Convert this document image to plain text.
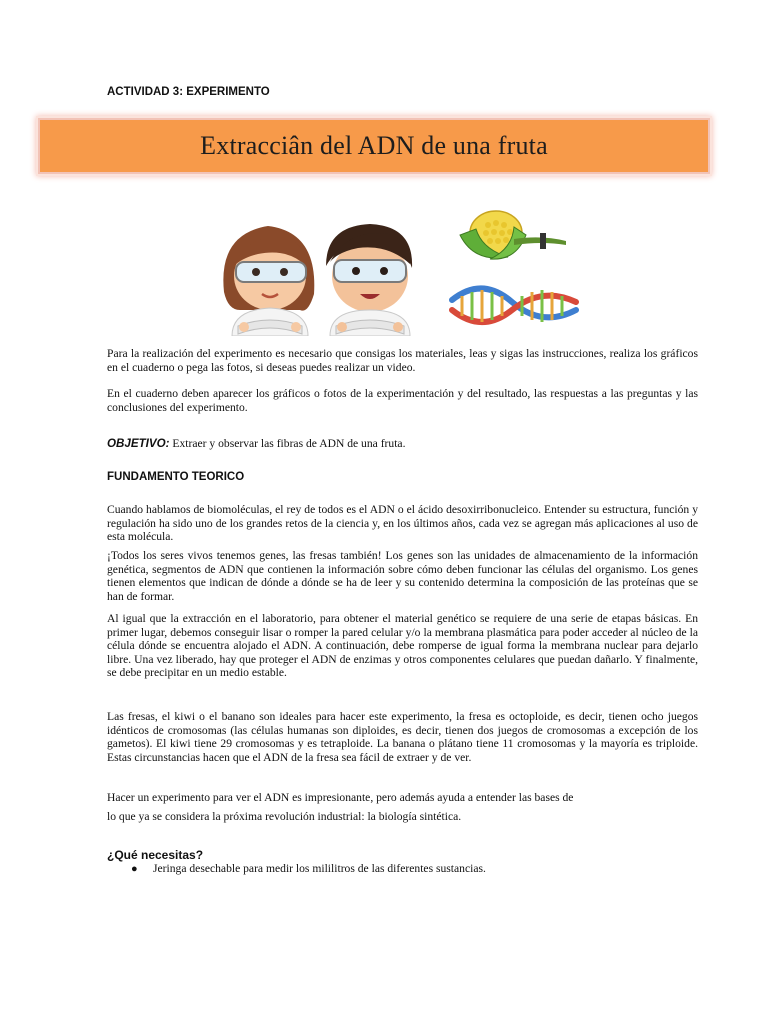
ACTIVIDAD 3: EXPERIMENTO

Extracciân del ADN de una fruta

Para la realización del experimento es necesario que consigas los materiales, leas y sigas las instrucciones, realiza los gráficos en el cuaderno o pega las fotos, si deseas puedes realizar un video.

En el cuaderno deben aparecer los gráficos o fotos de la experimentación y del resultado, las respuestas a las preguntas y las conclusiones del experimento.

OBJETIVO: Extraer y observar las fibras de ADN de una fruta.

FUNDAMENTO TEORICO

Cuando hablamos de biomoléculas, el rey de todos es el ADN o el ácido desoxirribonucleico. Entender su estructura, función y regulación ha sido uno de los grandes retos de la ciencia y, en los últimos años, cada vez se agregan más aplicaciones al uso de esta molécula.

¡Todos los seres vivos tenemos genes, las fresas también! Los genes son las unidades de almacenamiento de la información genética, segmentos de ADN que contienen la información sobre cómo deben funcionar las células del organismo. Los genes tienen elementos que indican de dónde a dónde se ha de leer y su contenido determina la composición de las proteínas que se han de formar.

Al igual que la extracción en el laboratorio, para obtener el material genético se requiere de una serie de etapas básicas. En primer lugar, debemos conseguir lisar o romper la pared celular y/o la membrana plasmática para poder acceder al núcleo de la célula dónde se encuentra alojado el ADN. A continuación, debe romperse de igual forma la membrana nuclear para dejarlo libre. Una vez liberado, hay que proteger el ADN de enzimas y otros componentes celulares que puedan dañarlo. Y finalmente, se debe precipitar en un medio estable.

Las fresas, el kiwi o el banano son ideales para hacer este experimento, la fresa es octoploide, es decir, tienen ocho juegos idénticos de cromosomas (las células humanas son diploides, es decir, tienen dos juegos de cromosomas a excepción de los gametos). El kiwi tiene 29 cromosomas y es tetraploide. La banana o plátano tiene 11 cromosomas y la mayoría es triploide. Estas circunstancias hacen que el ADN de la fresa sea fácil de extraer y de ver.

Hacer un experimento para ver el ADN es impresionante, pero además ayuda a entender las bases de

lo que ya se considera la próxima revolución industrial: la biología sintética.

¿Qué necesitas?

● Jeringa desechable para medir los mililitros de las diferentes sustancias.
